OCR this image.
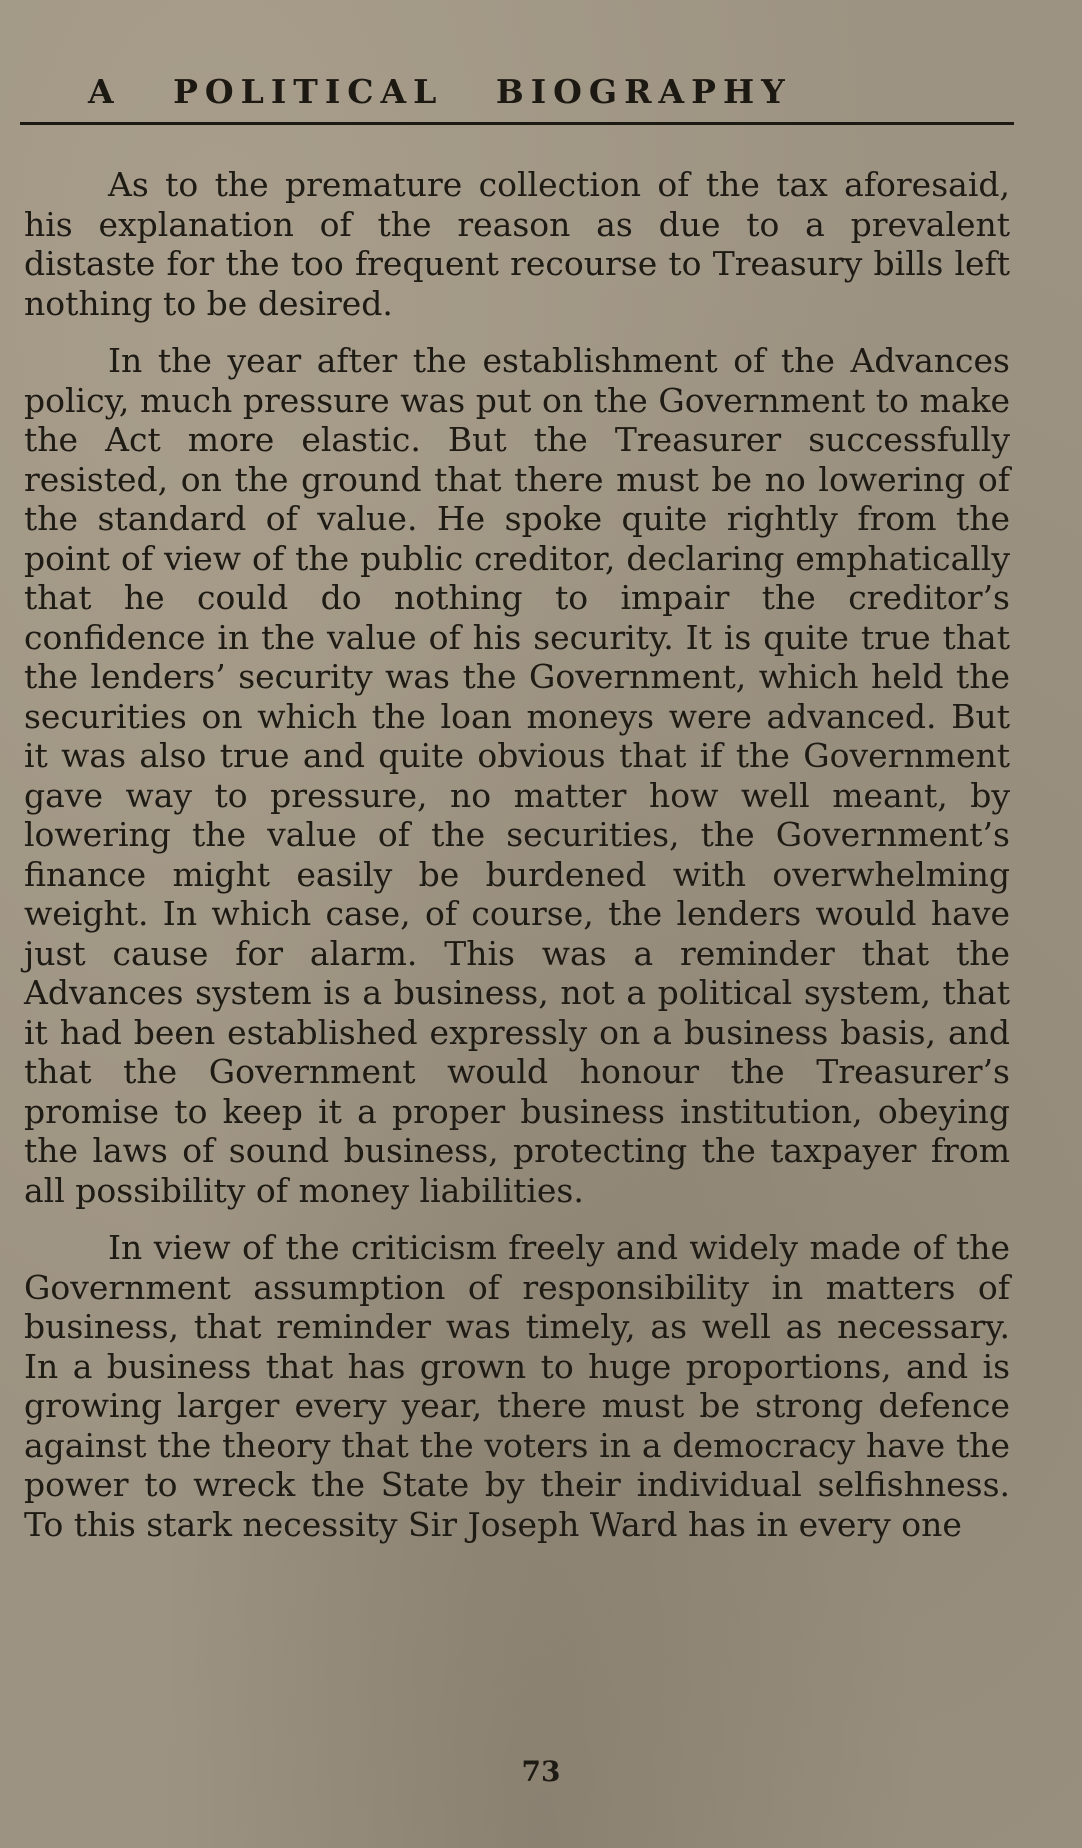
A POLITICAL BIOGRAPHY

As to the premature collection of the tax aforesaid, his explanation of the reason as due to a prevalent distaste for the too frequent recourse to Treasury bills left nothing to be desired.

In the year after the establishment of the Advances policy, much pressure was put on the Government to make the Act more elastic. But the Treasurer successfully resisted, on the ground that there must be no lowering of the standard of value. He spoke quite rightly from the point of view of the public creditor, declaring emphatically that he could do nothing to impair the creditor’s confidence in the value of his security. It is quite true that the lenders’ security was the Government, which held the securities on which the loan moneys were advanced. But it was also true and quite obvious that if the Government gave way to pressure, no matter how well meant, by lowering the value of the securities, the Government’s finance might easily be burdened with overwhelming weight. In which case, of course, the lenders would have just cause for alarm. This was a reminder that the Advances system is a business, not a political system, that it had been established expressly on a business basis, and that the Government would honour the Treasurer’s promise to keep it a proper business institution, obeying the laws of sound business, protecting the taxpayer from all possibility of money liabilities.

In view of the criticism freely and widely made of the Government assumption of responsibility in matters of business, that reminder was timely, as well as necessary. In a business that has grown to huge proportions, and is growing larger every year, there must be strong defence against the theory that the voters in a democracy have the power to wreck the State by their individual selfishness. To this stark necessity Sir Joseph Ward has in every one

73
